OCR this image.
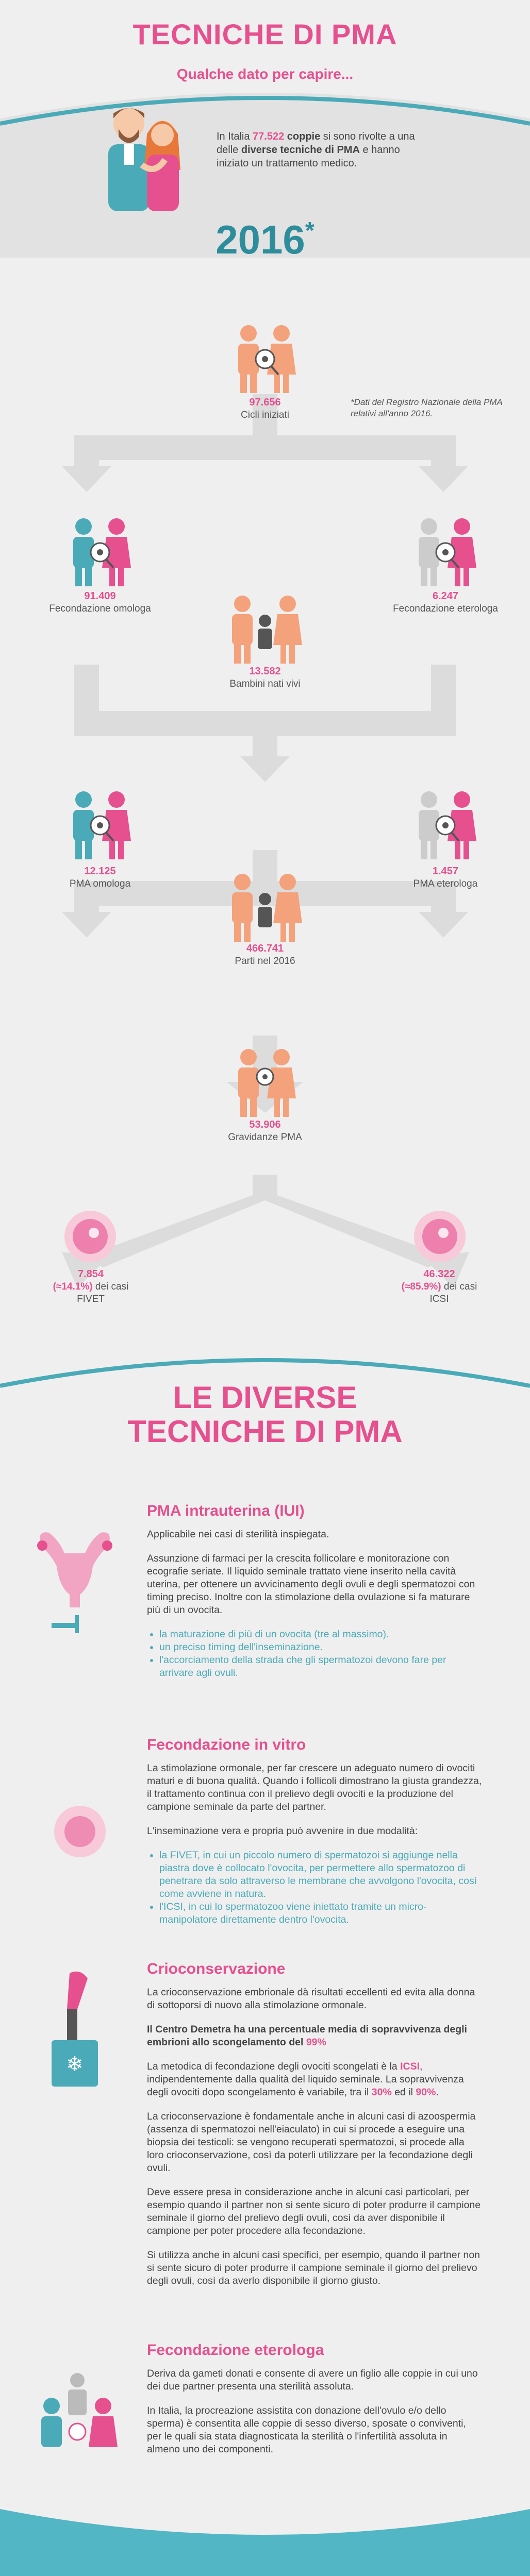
TECNICHE DI PMA
Qualche dato per capire...
In Italia 77.522 coppie si sono rivolte a una delle diverse tecniche di PMA e hanno iniziato un trattamento medico.
2016*
97.656
Cicli iniziati
*Dati del Registro Nazionale della PMA relativi all'anno 2016.
91.409
Fecondazione omologa
6.247
Fecondazione eterologa
13.582
Bambini nati vivi
12.125
PMA omologa
1.457
PMA eterologa
466.741
Parti nel 2016
53.906
Gravidanze PMA
7.854
(≈14.1%) dei casi
FIVET
46.322
(≈85.9%) dei casi
ICSI
LE DIVERSE
TECNICHE DI PMA
PMA intrauterina (IUI)

Applicabile nei casi di sterilità inspiegata.

Assunzione di farmaci per la crescita follicolare e monitorazione con ecografie seriate. Il liquido seminale trattato viene inserito nella cavità uterina, per ottenere un avvicinamento degli ovuli e degli spermatozoi con timing preciso. Inoltre con la stimolazione della ovulazione si fa maturare più di un ovocita.

• la maturazione di più di un ovocita (tre al massimo).
• un preciso timing dell'inseminazione.
• l'accorciamento della strada che gli spermatozoi devono fare per arrivare agli ovuli.
Fecondazione in vitro

La stimolazione ormonale, per far crescere un adeguato numero di ovociti maturi e di buona qualità. Quando i follicoli dimostrano la giusta grandezza, il trattamento continua con il prelievo degli ovociti e la produzione del campione seminale da parte del partner.

L'inseminazione vera e propria può avvenire in due modalità:

• la FIVET, in cui un piccolo numero di spermatozoi si aggiunge nella piastra dove è collocato l'ovocita, per permettere allo spermatozoo di penetrare da solo attraverso le membrane che avvolgono l'ovocita, così come avviene in natura.
• l'ICSI, in cui lo spermatozoo viene iniettato tramite un micro-manipolatore direttamente dentro l'ovocita.
❄
Crioconservazione

La crioconservazione embrionale dà risultati eccellenti ed evita alla donna di sottoporsi di nuovo alla stimolazione ormonale.

Il Centro Demetra ha una percentuale media di sopravvivenza degli embrioni allo scongelamento del 99%

La metodica di fecondazione degli ovociti scongelati è la ICSI, indipendentemente dalla qualità del liquido seminale. La sopravvivenza degli ovociti dopo scongelamento è variabile, tra il 30% ed il 90%.

La crioconservazione è fondamentale anche in alcuni casi di azoospermia (assenza di spermatozoi nell'eiaculato) in cui si procede a eseguire una biopsia dei testicoli: se vengono recuperati spermatozoi, si procede alla loro crioconservazione, così da poterli utilizzare per la fecondazione degli ovuli.

Deve essere presa in considerazione anche in alcuni casi particolari, per esempio quando il partner non si sente sicuro di poter produrre il campione seminale il giorno del prelievo degli ovuli, così da aver disponibile il campione per poter procedere alla fecondazione.

Si utilizza anche in alcuni casi specifici, per esempio, quando il partner non si sente sicuro di poter produrre il campione seminale il giorno del prelievo degli ovuli, così da averlo disponibile il giorno giusto.

Fecondazione eterologa

Deriva da gameti donati e consente di avere un figlio alle coppie in cui uno dei due partner presenta una sterilità assoluta.

In Italia, la procreazione assistita con donazione dell'ovulo e/o dello sperma) è consentita alle coppie di sesso diverso, sposate o conviventi, per le quali sia stata diagnosticata la sterilità o l'infertilità assoluta in almeno uno dei componenti.
